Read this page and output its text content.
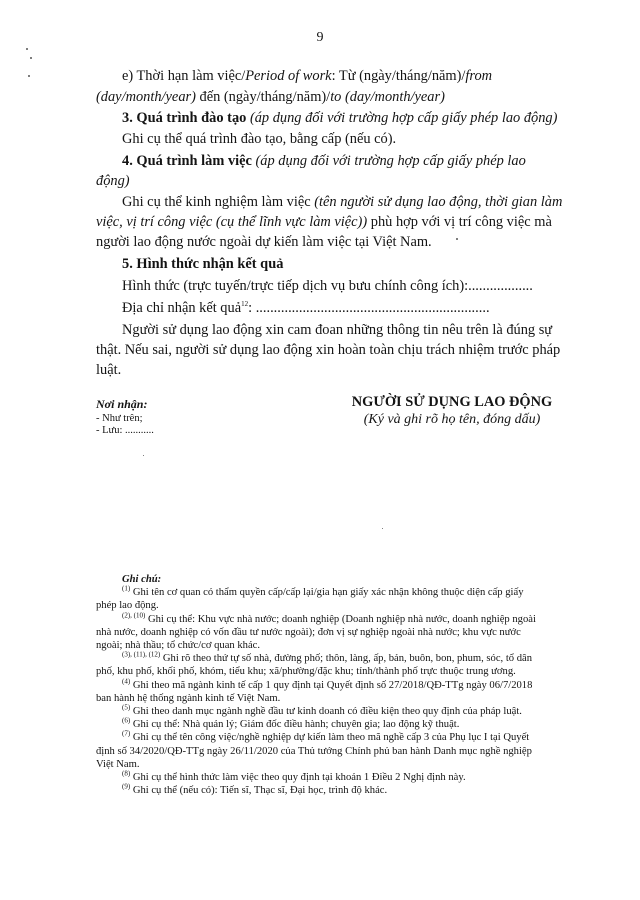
9

e) Thời hạn làm việc/Period of work: Từ (ngày/tháng/năm)/from

(day/month/year) đến (ngày/tháng/năm)/to (day/month/year)

3. Quá trình đào tạo (áp dụng đối với trường hợp cấp giấy phép lao động)

Ghi cụ thể quá trình đào tạo, bằng cấp (nếu có).

4. Quá trình làm việc (áp dụng đối với trường hợp cấp giấy phép lao

động)

Ghi cụ thể kinh nghiệm làm việc (tên người sử dụng lao động, thời gian làm

việc, vị trí công việc (cụ thể lĩnh vực làm việc)) phù hợp với vị trí công việc mà

người lao động nước ngoài dự kiến làm việc tại Việt Nam.

5. Hình thức nhận kết quả

Hình thức (trực tuyến/trực tiếp dịch vụ bưu chính công ích):..................

Địa chỉ nhận kết quả$^{12}$: .................................................................

Người sử dụng lao động xin cam đoan những thông tin nêu trên là đúng sự

thật. Nếu sai, người sử dụng lao động xin hoàn toàn chịu trách nhiệm trước pháp

luật.

Nơi nhận:

- Như trên;

- Lưu: ...........

NGƯỜI SỬ DỤNG LAO ĐỘNG

(Ký và ghi rõ họ tên, đóng dấu)

Ghi chú:
$^{(1)}$ Ghi tên cơ quan có thẩm quyền cấp/cấp lại/gia hạn giấy xác nhận không thuộc diện cấp giấy
phép lao động.
$^{(2), (10)}$ Ghi cụ thể: Khu vực nhà nước; doanh nghiệp (Doanh nghiệp nhà nước, doanh nghiệp ngoài
nhà nước, doanh nghiệp có vốn đầu tư nước ngoài); đơn vị sự nghiệp ngoài nhà nước; khu vực nước
ngoài; nhà thầu; tổ chức/cơ quan khác.
$^{(3), (11), (12)}$ Ghi rõ theo thứ tự số nhà, đường phố; thôn, làng, ấp, bản, buôn, bon, phum, sóc, tổ dân
phố, khu phố, khối phố, khóm, tiểu khu; xã/phường/đặc khu; tỉnh/thành phố trực thuộc trung ương.
$^{(4)}$ Ghi theo mã ngành kinh tế cấp 1 quy định tại Quyết định số 27/2018/QĐ-TTg ngày 06/7/2018
ban hành hệ thống ngành kinh tế Việt Nam.
$^{(5)}$ Ghi theo danh mục ngành nghề đầu tư kinh doanh có điều kiện theo quy định của pháp luật.
$^{(6)}$ Ghi cụ thể: Nhà quản lý; Giám đốc điều hành; chuyên gia; lao động kỹ thuật.
$^{(7)}$ Ghi cụ thể tên công việc/nghề nghiệp dự kiến làm theo mã nghề cấp 3 của Phụ lục I tại Quyết
định số 34/2020/QĐ-TTg ngày 26/11/2020 của Thủ tướng Chính phủ ban hành Danh mục nghề nghiệp
Việt Nam.
$^{(8)}$ Ghi cụ thể hình thức làm việc theo quy định tại khoản 1 Điều 2 Nghị định này.
$^{(9)}$ Ghi cụ thể (nếu có): Tiến sĩ, Thạc sĩ, Đại học, trình độ khác.
